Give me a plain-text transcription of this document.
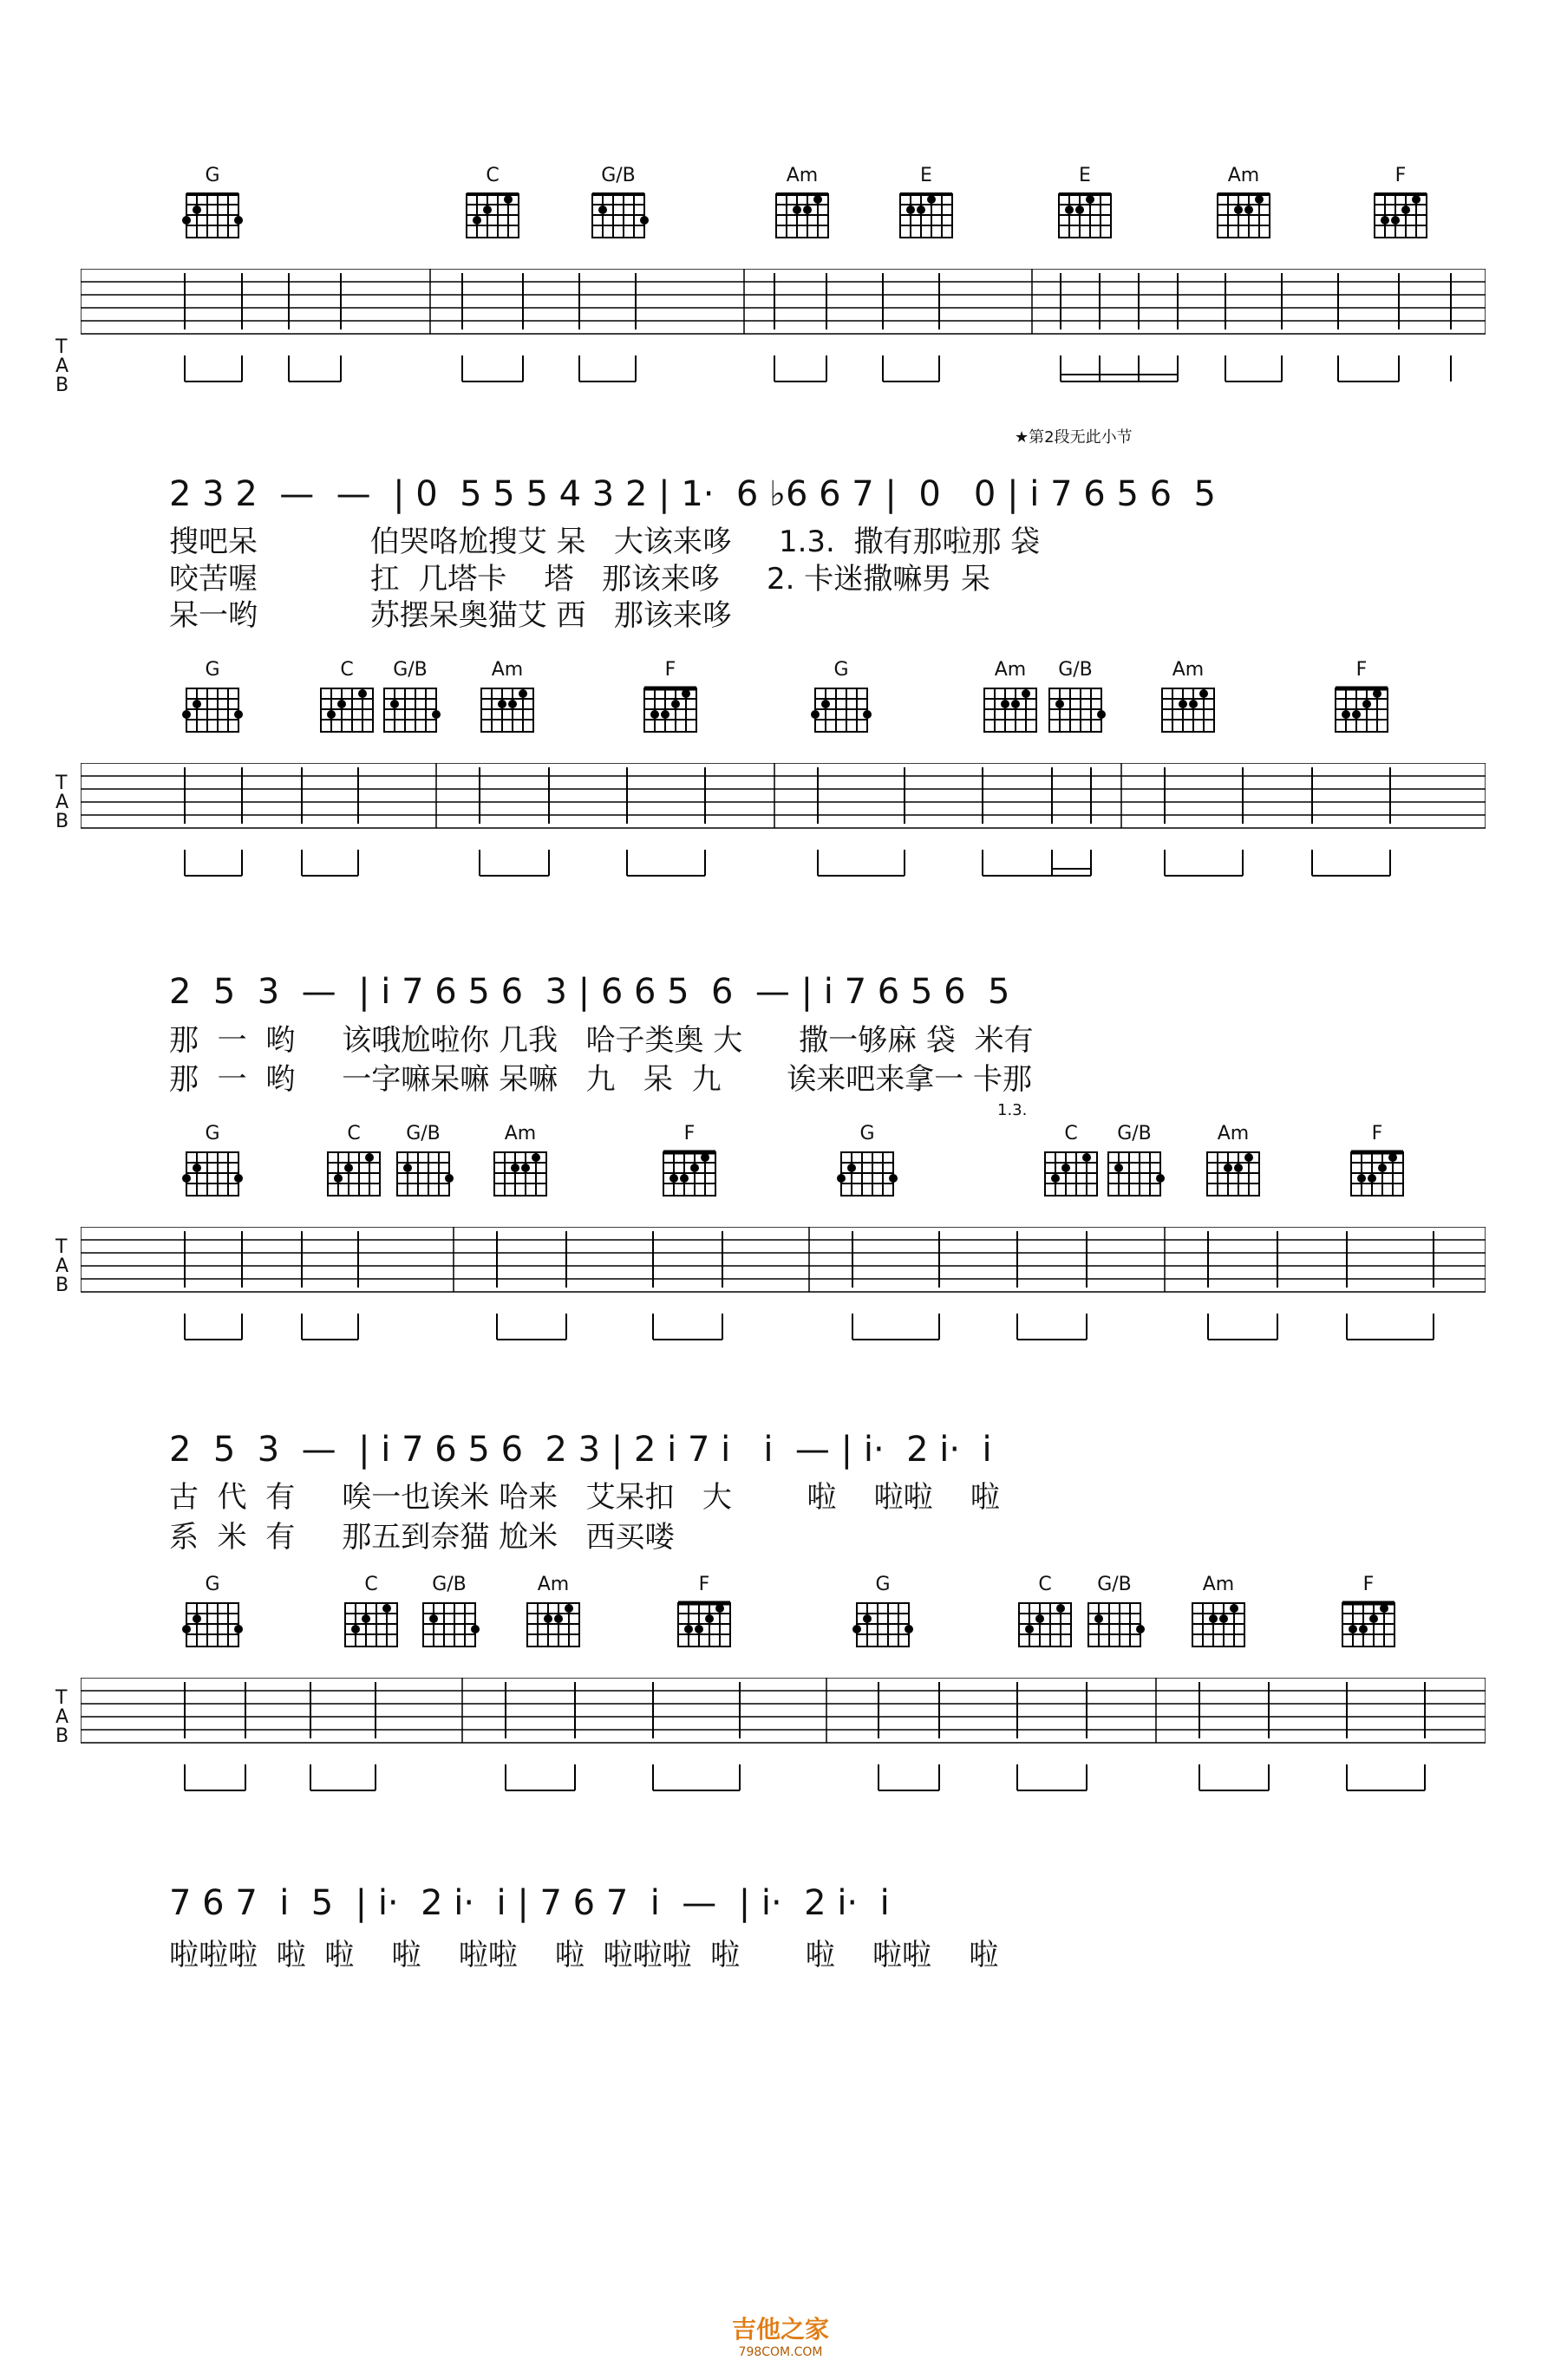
G	C	G/B	Am	E	E	Am	F
T
A
B
★第2段无此小节
2 3 2  —  —  | 0  5 5 5 4 3 2 | 1·  6 ♭6 6 7 |  0   0 | i 7 6 5 6  5
搜吧呆            伯哭咯尬搜艾 呆   大该来哆     1.3.  撒有那啦那 袋
咬苦喔            扛  几塔卡    塔   那该来哆     2. 卡迷撒嘛男 呆
呆一哟            苏摆呆奥猫艾 西   那该来哆
G	C	G/B	Am	F	G	Am	G/B	Am	F
T
A
B
2  5  3  —  | i 7 6 5 6  3 | 6 6 5  6  — | i 7 6 5 6  5
那  一  哟     该哦尬啦你 几我   哈子类奥 大      撒一够麻 袋  米有
那  一  哟     一字嘛呆嘛 呆嘛   九   呆  九       诶来吧来拿一 卡那
1.3.
G	C	G/B	Am	F	G	C	G/B	Am	F
T
A
B
2  5  3  —  | i 7 6 5 6  2 3 | 2 i 7 i   i  — | i·  2 i·  i
古  代  有     唉一也诶米 哈来   艾呆扣   大        啦    啦啦    啦
系  米  有     那五到奈猫 尬米   西买喽
G	C	G/B	Am	F	G	C	G/B	Am	F
T
A
B
7 6 7  i  5  | i·  2 i·  i | 7 6 7  i  —  | i·  2 i·  i
啦啦啦  啦  啦    啦    啦啦    啦  啦啦啦  啦       啦    啦啦    啦
吉他之家
798COM.COM
